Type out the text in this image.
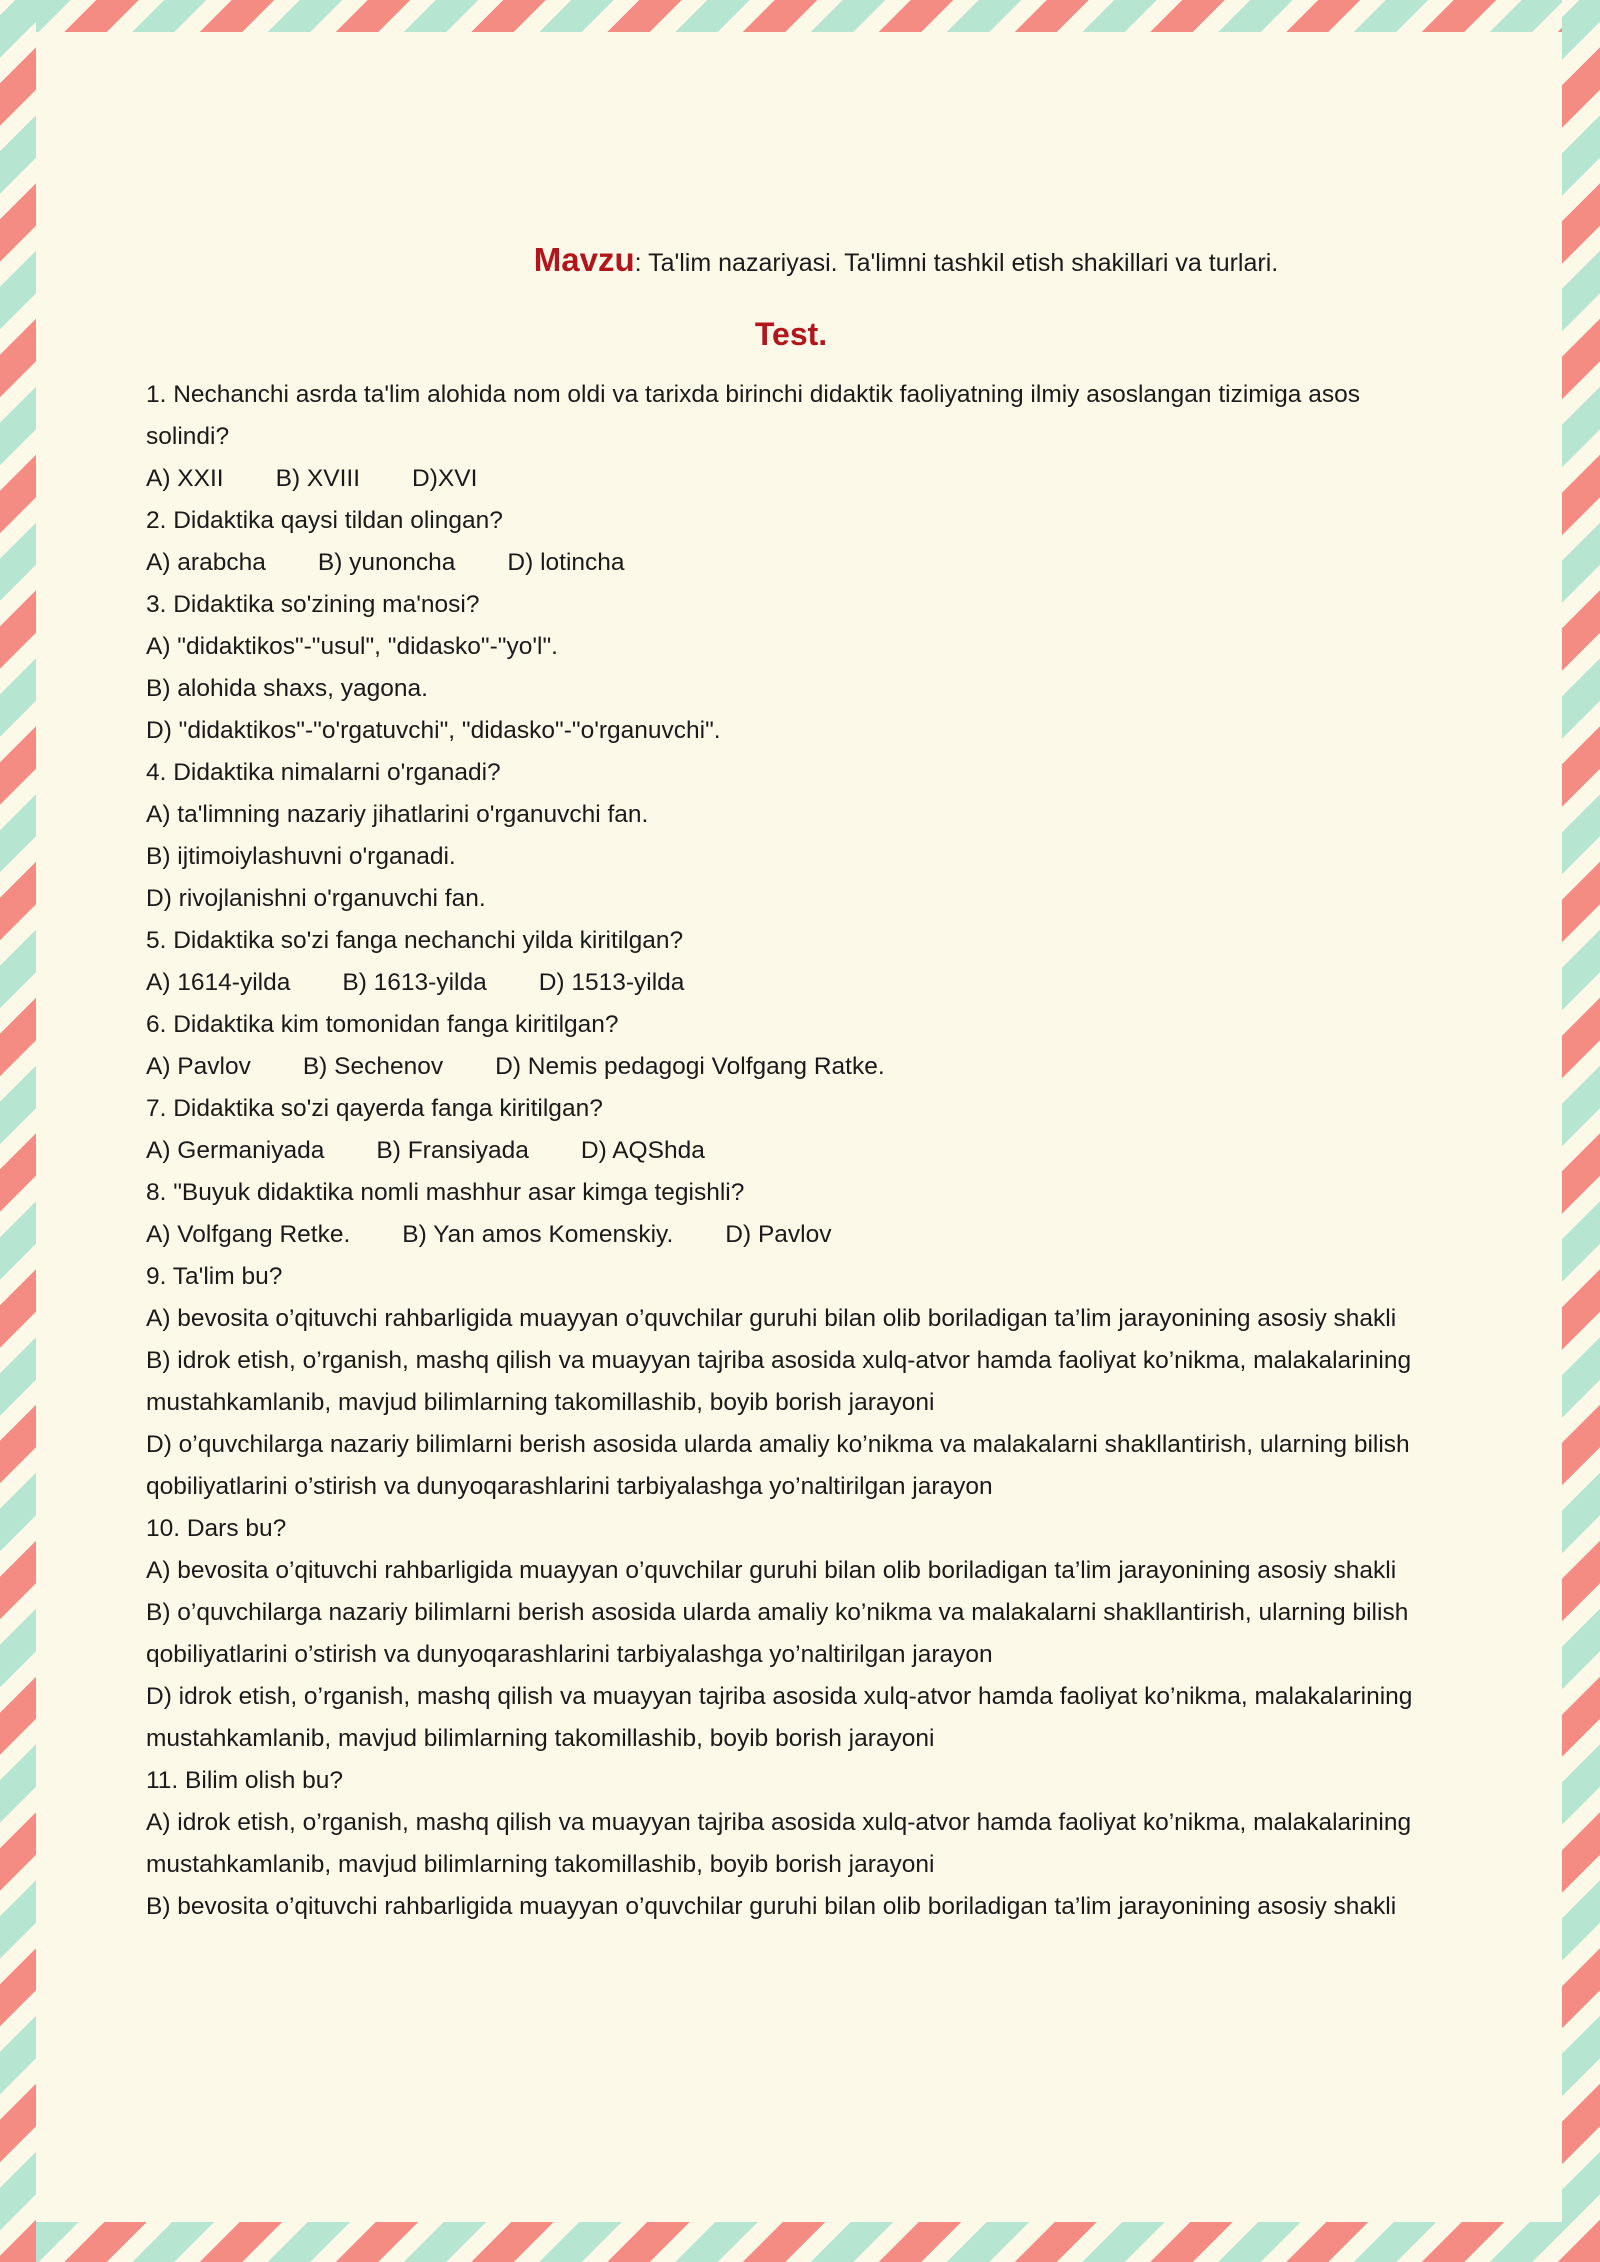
Mavzu: Ta'lim nazariyasi. Ta'limni tashkil etish shakillari va turlari.
Test.

1. Nechanchi asrda ta'lim alohida nom oldi va tarixda birinchi didaktik faoliyatning ilmiy asoslangan tizimiga asos solindi?

A) XXII B) XVIII D)XVI

2. Didaktika qaysi tildan olingan?

A) arabcha B) yunoncha D) lotincha

3. Didaktika so'zining ma'nosi?

A) "didaktikos"-"usul", "didasko"-"yo'l".

B) alohida shaxs, yagona.

D) "didaktikos"-"o'rgatuvchi", "didasko"-"o'rganuvchi".

4. Didaktika nimalarni o'rganadi?

A) ta'limning nazariy jihatlarini o'rganuvchi fan.

B) ijtimoiylashuvni o'rganadi.

D) rivojlanishni o'rganuvchi fan.

5. Didaktika so'zi fanga nechanchi yilda kiritilgan?

A) 1614-yilda B) 1613-yilda D) 1513-yilda

6. Didaktika kim tomonidan fanga kiritilgan?

A) Pavlov B) Sechenov D) Nemis pedagogi Volfgang Ratke.

7. Didaktika so'zi qayerda fanga kiritilgan?

A) Germaniyada B) Fransiyada D) AQShda

8. "Buyuk didaktika nomli mashhur asar kimga tegishli?

A) Volfgang Retke. B) Yan amos Komenskiy. D) Pavlov

9. Ta'lim bu?

A) bevosita o’qituvchi rahbarligida muayyan o’quvchilar guruhi bilan olib boriladigan ta’lim jarayonining asosiy shakli

B) idrok etish, o’rganish, mashq qilish va muayyan tajriba asosida xulq-atvor hamda faoliyat ko’nikma, malakalarining mustahkamlanib, mavjud bilimlarning takomillashib, boyib borish jarayoni

D) o’quvchilarga nazariy bilimlarni berish asosida ularda amaliy ko’nikma va malakalarni shakllantirish, ularning bilish qobiliyatlarini o’stirish va dunyoqarashlarini tarbiyalashga yo’naltirilgan jarayon

10. Dars bu?

A) bevosita o’qituvchi rahbarligida muayyan o’quvchilar guruhi bilan olib boriladigan ta’lim jarayonining asosiy shakli

B) o’quvchilarga nazariy bilimlarni berish asosida ularda amaliy ko’nikma va malakalarni shakllantirish, ularning bilish qobiliyatlarini o’stirish va dunyoqarashlarini tarbiyalashga yo’naltirilgan jarayon

D) idrok etish, o’rganish, mashq qilish va muayyan tajriba asosida xulq-atvor hamda faoliyat ko’nikma, malakalarining mustahkamlanib, mavjud bilimlarning takomillashib, boyib borish jarayoni

11. Bilim olish bu?

A) idrok etish, o’rganish, mashq qilish va muayyan tajriba asosida xulq-atvor hamda faoliyat ko’nikma, malakalarining mustahkamlanib, mavjud bilimlarning takomillashib, boyib borish jarayoni

B) bevosita o’qituvchi rahbarligida muayyan o’quvchilar guruhi bilan olib boriladigan ta’lim jarayonining asosiy shakli
